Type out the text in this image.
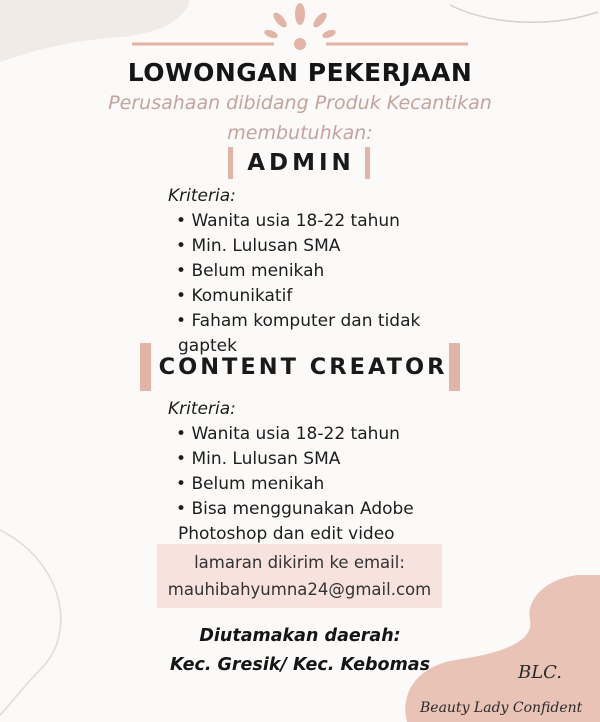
LOWONGAN PEKERJAAN
Perusahaan dibidang Produk Kecantikan
membutuhkan:
ADMIN
Kriteria:
• Wanita usia 18-22 tahun
• Min. Lulusan SMA
• Belum menikah
• Komunikatif
• Faham komputer dan tidak
gaptek
CONTENT CREATOR
Kriteria:
• Wanita usia 18-22 tahun
• Min. Lulusan SMA
• Belum menikah
• Bisa menggunakan Adobe
Photoshop dan edit video
lamaran dikirim ke email:
mauhibahyumna24@gmail.com
Diutamakan daerah:
Kec. Gresik/ Kec. Kebomas	BLC.
Beauty Lady Confident
